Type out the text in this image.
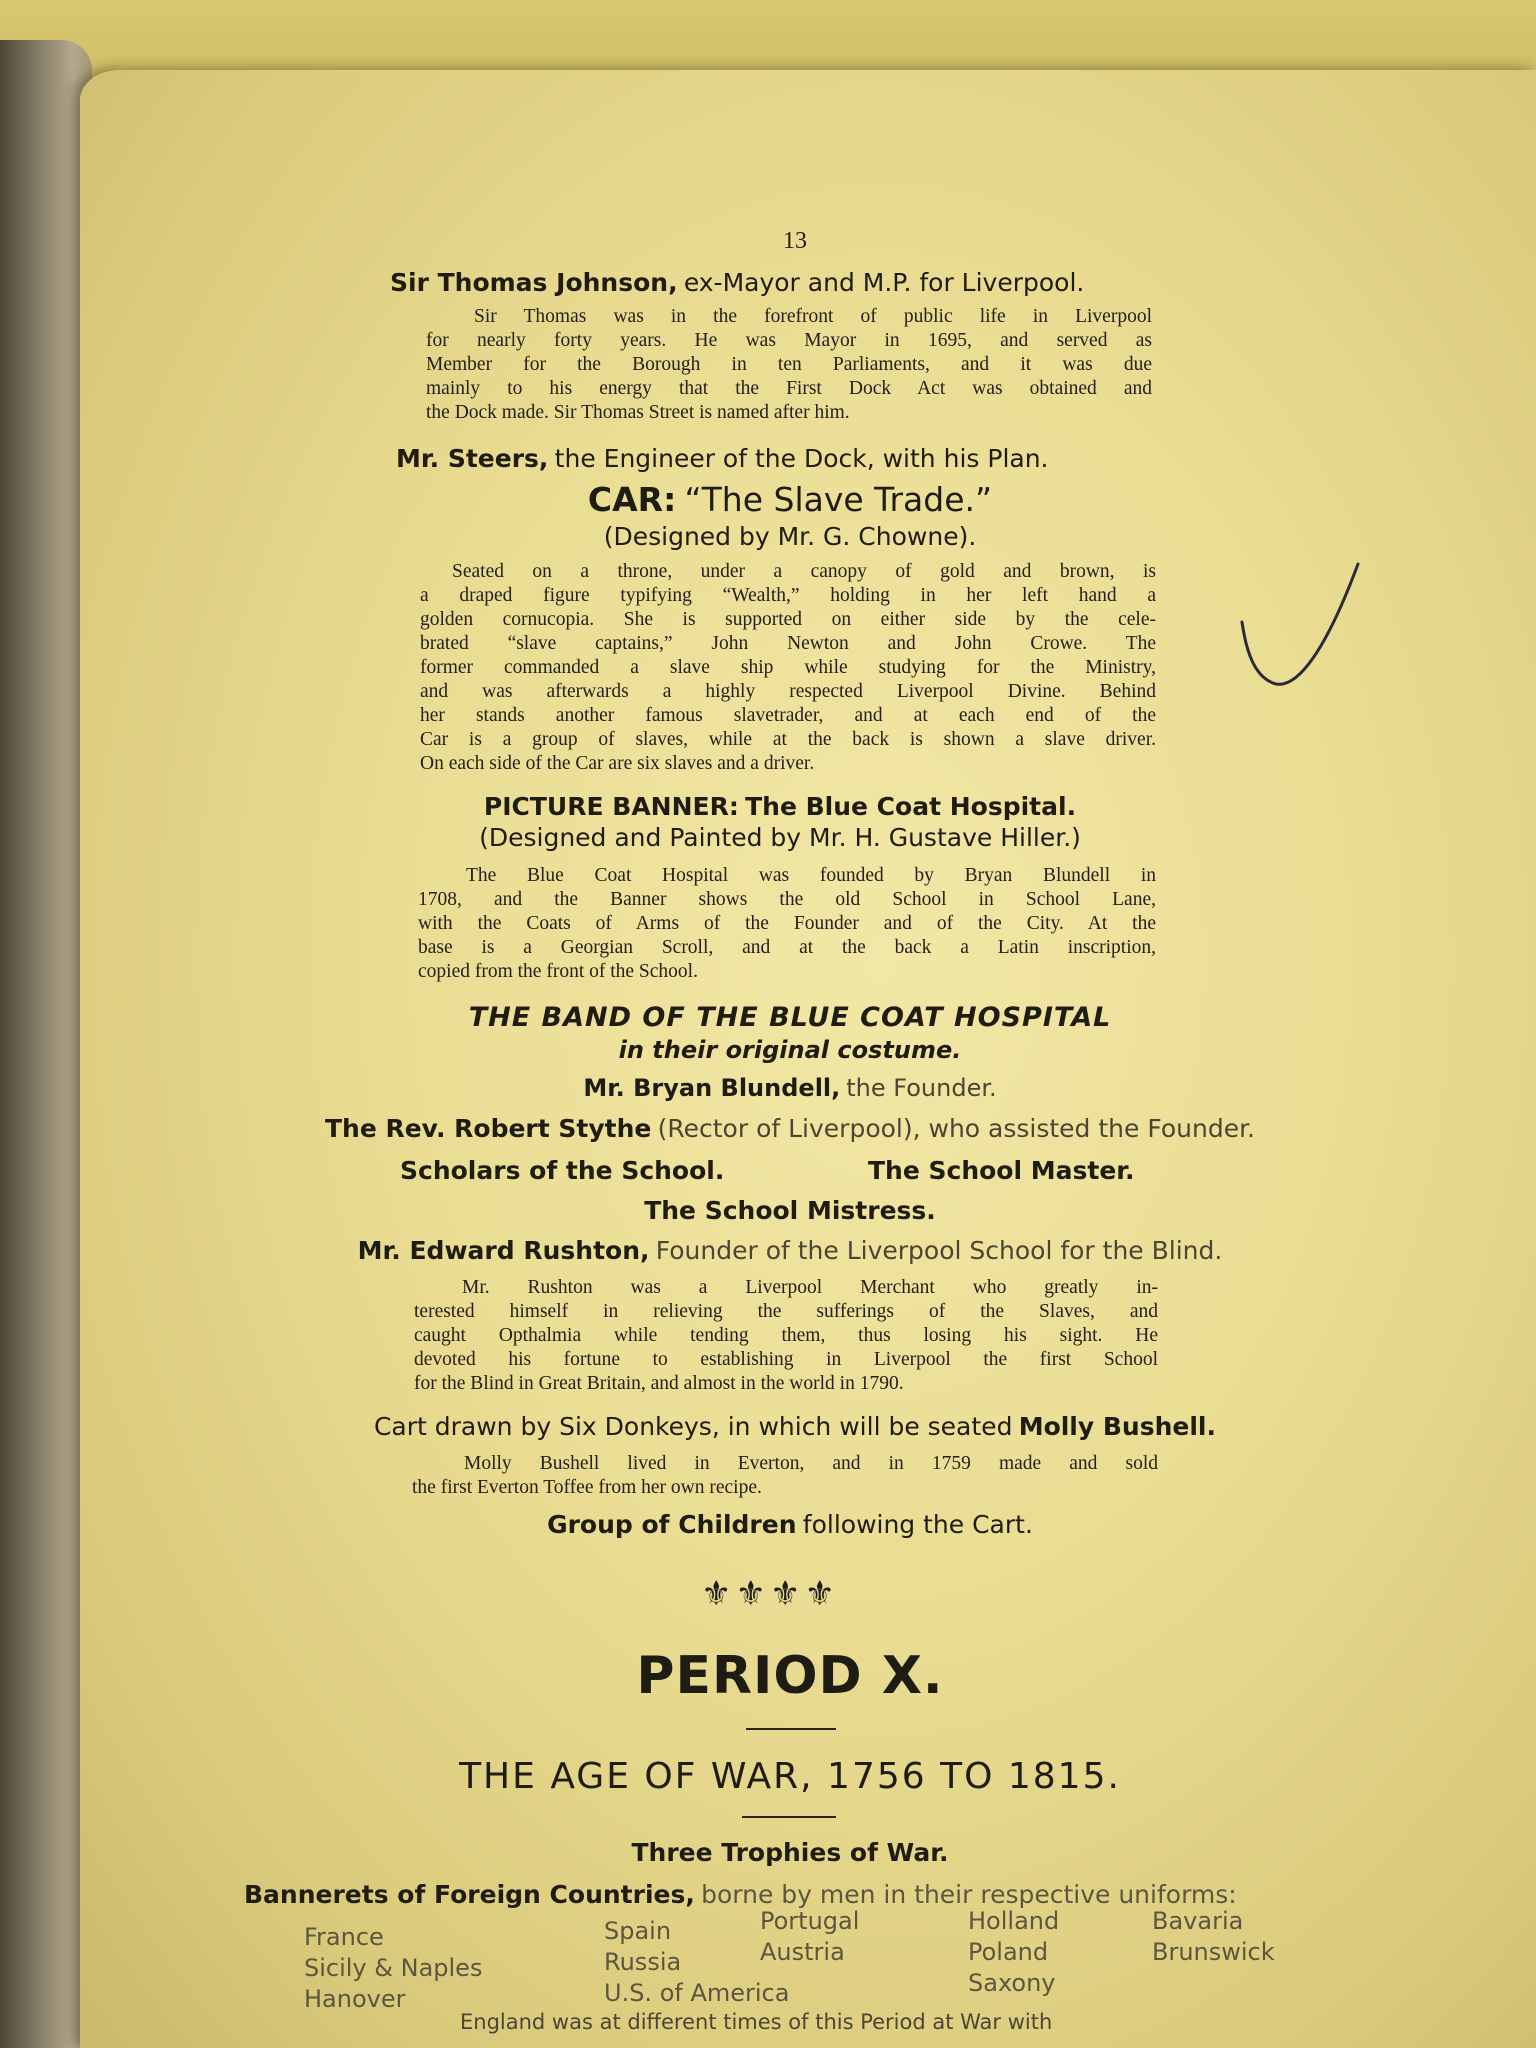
13
Sir Thomas Johnson, ex-Mayor and M.P. for Liverpool.
Sir Thomas was in the forefront of public life in Liverpool
for nearly forty years. He was Mayor in 1695, and served as
Member for the Borough in ten Parliaments, and it was due
mainly to his energy that the First Dock Act was obtained and
the Dock made. Sir Thomas Street is named after him.
Mr. Steers, the Engineer of the Dock, with his Plan.
CAR: “The Slave Trade.”
(Designed by Mr. G. Chowne).
Seated on a throne, under a canopy of gold and brown, is
a draped figure typifying “Wealth,” holding in her left hand a
golden cornucopia. She is supported on either side by the cele-
brated “slave captains,” John Newton and John Crowe. The
former commanded a slave ship while studying for the Ministry,
and was afterwards a highly respected Liverpool Divine. Behind
her stands another famous slavetrader, and at each end of the
Car is a group of slaves, while at the back is shown a slave driver.
On each side of the Car are six slaves and a driver.
PICTURE BANNER: The Blue Coat Hospital.
(Designed and Painted by Mr. H. Gustave Hiller.)
The Blue Coat Hospital was founded by Bryan Blundell in
1708, and the Banner shows the old School in School Lane,
with the Coats of Arms of the Founder and of the City. At the
base is a Georgian Scroll, and at the back a Latin inscription,
copied from the front of the School.
THE BAND OF THE BLUE COAT HOSPITAL
in their original costume.
Mr. Bryan Blundell, the Founder.
The Rev. Robert Stythe (Rector of Liverpool), who assisted the Founder.
Scholars of the School.	The School Master.
The School Mistress.
Mr. Edward Rushton, Founder of the Liverpool School for the Blind.
Mr. Rushton was a Liverpool Merchant who greatly in-
terested himself in relieving the sufferings of the Slaves, and
caught Opthalmia while tending them, thus losing his sight. He
devoted his fortune to establishing in Liverpool the first School
for the Blind in Great Britain, and almost in the world in 1790.
Cart drawn by Six Donkeys, in which will be seated Molly Bushell.
Molly Bushell lived in Everton, and in 1759 made and sold
the first Everton Toffee from her own recipe.
Group of Children following the Cart.
⚜⚜⚜⚜
PERIOD X.
THE AGE OF WAR, 1756 TO 1815.
Three Trophies of War.
Bannerets of Foreign Countries, borne by men in their respective uniforms:
France
Sicily & Naples
Hanover
Spain
Russia
U.S. of America
Portugal
Austria
Holland
Poland
Saxony
Bavaria
Brunswick
England was at different times of this Period at War with
